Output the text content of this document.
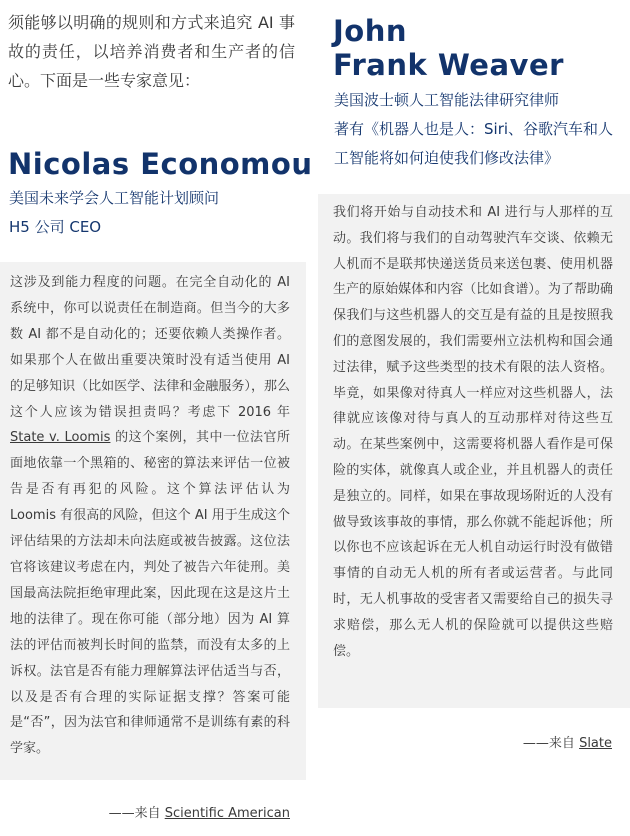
须能够以明确的规则和方式来追究 AI 事故的责任，以培养消费者和生产者的信心。下面是一些专家意见：
Nicolas Economou
美国未来学会人工智能计划顾问
H5 公司 CEO
这涉及到能力程度的问题。在完全自动化的 AI 系统中，你可以说责任在制造商。但当今的大多数 AI 都不是自动化的；还要依赖人类操作者。如果那个人在做出重要决策时没有适当使用 AI 的足够知识（比如医学、法律和金融服务），那么这个人应该为错误担责吗？考虑下 2016 年 State v. Loomis 的这个案例，其中一位法官所面地依靠一个黑箱的、秘密的算法来评估一位被告是否有再犯的风险。这个算法评估认为 Loomis 有很高的风险，但这个 AI 用于生成这个评估结果的方法却未向法庭或被告披露。这位法官将该建议考虑在内，判处了被告六年徒刑。美国最高法院拒绝审理此案，因此现在这是这片土地的法律了。现在你可能（部分地）因为 AI 算法的评估而被判长时间的监禁，而没有太多的上诉权。法官是否有能力理解算法评估适当与否，以及是否有合理的实际证据支撑？答案可能是“否”，因为法官和律师通常不是训练有素的科学家。
——来自 Scientific American
John
Frank Weaver
美国波士顿人工智能法律研究律师
著有《机器人也是人：Siri、谷歌汽车和人工智能将如何迫使我们修改法律》
我们将开始与自动技术和 AI 进行与人那样的互动。我们将与我们的自动驾驶汽车交谈、依赖无人机而不是联邦快递送货员来送包裹、使用机器生产的原始媒体和内容（比如食谱）。为了帮助确保我们与这些机器人的交互是有益的且是按照我们的意图发展的，我们需要州立法机构和国会通过法律，赋予这些类型的技术有限的法人资格。毕竟，如果像对待真人一样应对这些机器人，法律就应该像对待与真人的互动那样对待这些互动。在某些案例中，这需要将机器人看作是可保险的实体，就像真人或企业，并且机器人的责任是独立的。同样，如果在事故现场附近的人没有做导致该事故的事情，那么你就不能起诉他；所以你也不应该起诉在无人机自动运行时没有做错事情的自动无人机的所有者或运营者。与此同时，无人机事故的受害者又需要给自己的损失寻求赔偿，那么无人机的保险就可以提供这些赔偿。
——来自 Slate
